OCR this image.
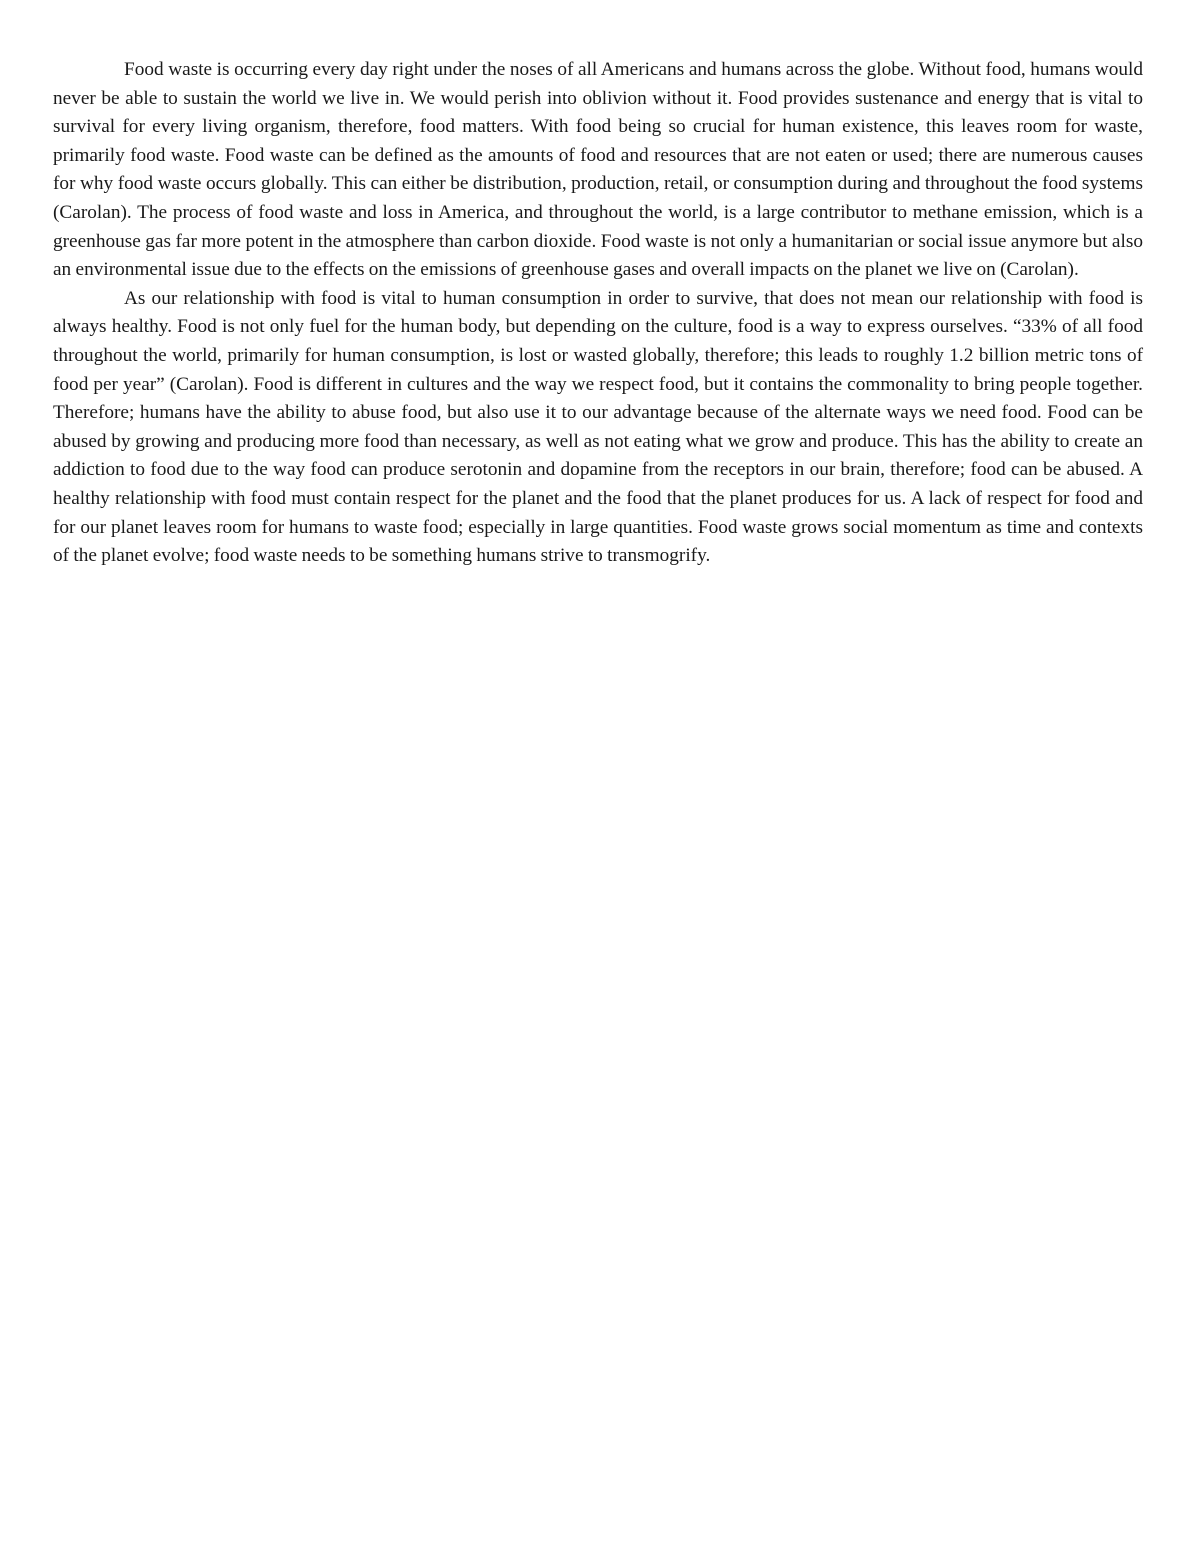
Food waste is occurring every day right under the noses of all Americans and humans across the globe. Without food, humans would never be able to sustain the world we live in. We would perish into oblivion without it. Food provides sustenance and energy that is vital to survival for every living organism, therefore, food matters. With food being so crucial for human existence, this leaves room for waste, primarily food waste. Food waste can be defined as the amounts of food and resources that are not eaten or used; there are numerous causes for why food waste occurs globally. This can either be distribution, production, retail, or consumption during and throughout the food systems (Carolan). The process of food waste and loss in America, and throughout the world, is a large contributor to methane emission, which is a greenhouse gas far more potent in the atmosphere than carbon dioxide. Food waste is not only a humanitarian or social issue anymore but also an environmental issue due to the effects on the emissions of greenhouse gases and overall impacts on the planet we live on (Carolan).

As our relationship with food is vital to human consumption in order to survive, that does not mean our relationship with food is always healthy. Food is not only fuel for the human body, but depending on the culture, food is a way to express ourselves. “33% of all food throughout the world, primarily for human consumption, is lost or wasted globally, therefore; this leads to roughly 1.2 billion metric tons of food per year” (Carolan). Food is different in cultures and the way we respect food, but it contains the commonality to bring people together. Therefore; humans have the ability to abuse food, but also use it to our advantage because of the alternate ways we need food. Food can be abused by growing and producing more food than necessary, as well as not eating what we grow and produce. This has the ability to create an addiction to food due to the way food can produce serotonin and dopamine from the receptors in our brain, therefore; food can be abused. A healthy relationship with food must contain respect for the planet and the food that the planet produces for us. A lack of respect for food and for our planet leaves room for humans to waste food; especially in large quantities. Food waste grows social momentum as time and contexts of the planet evolve; food waste needs to be something humans strive to transmogrify.
